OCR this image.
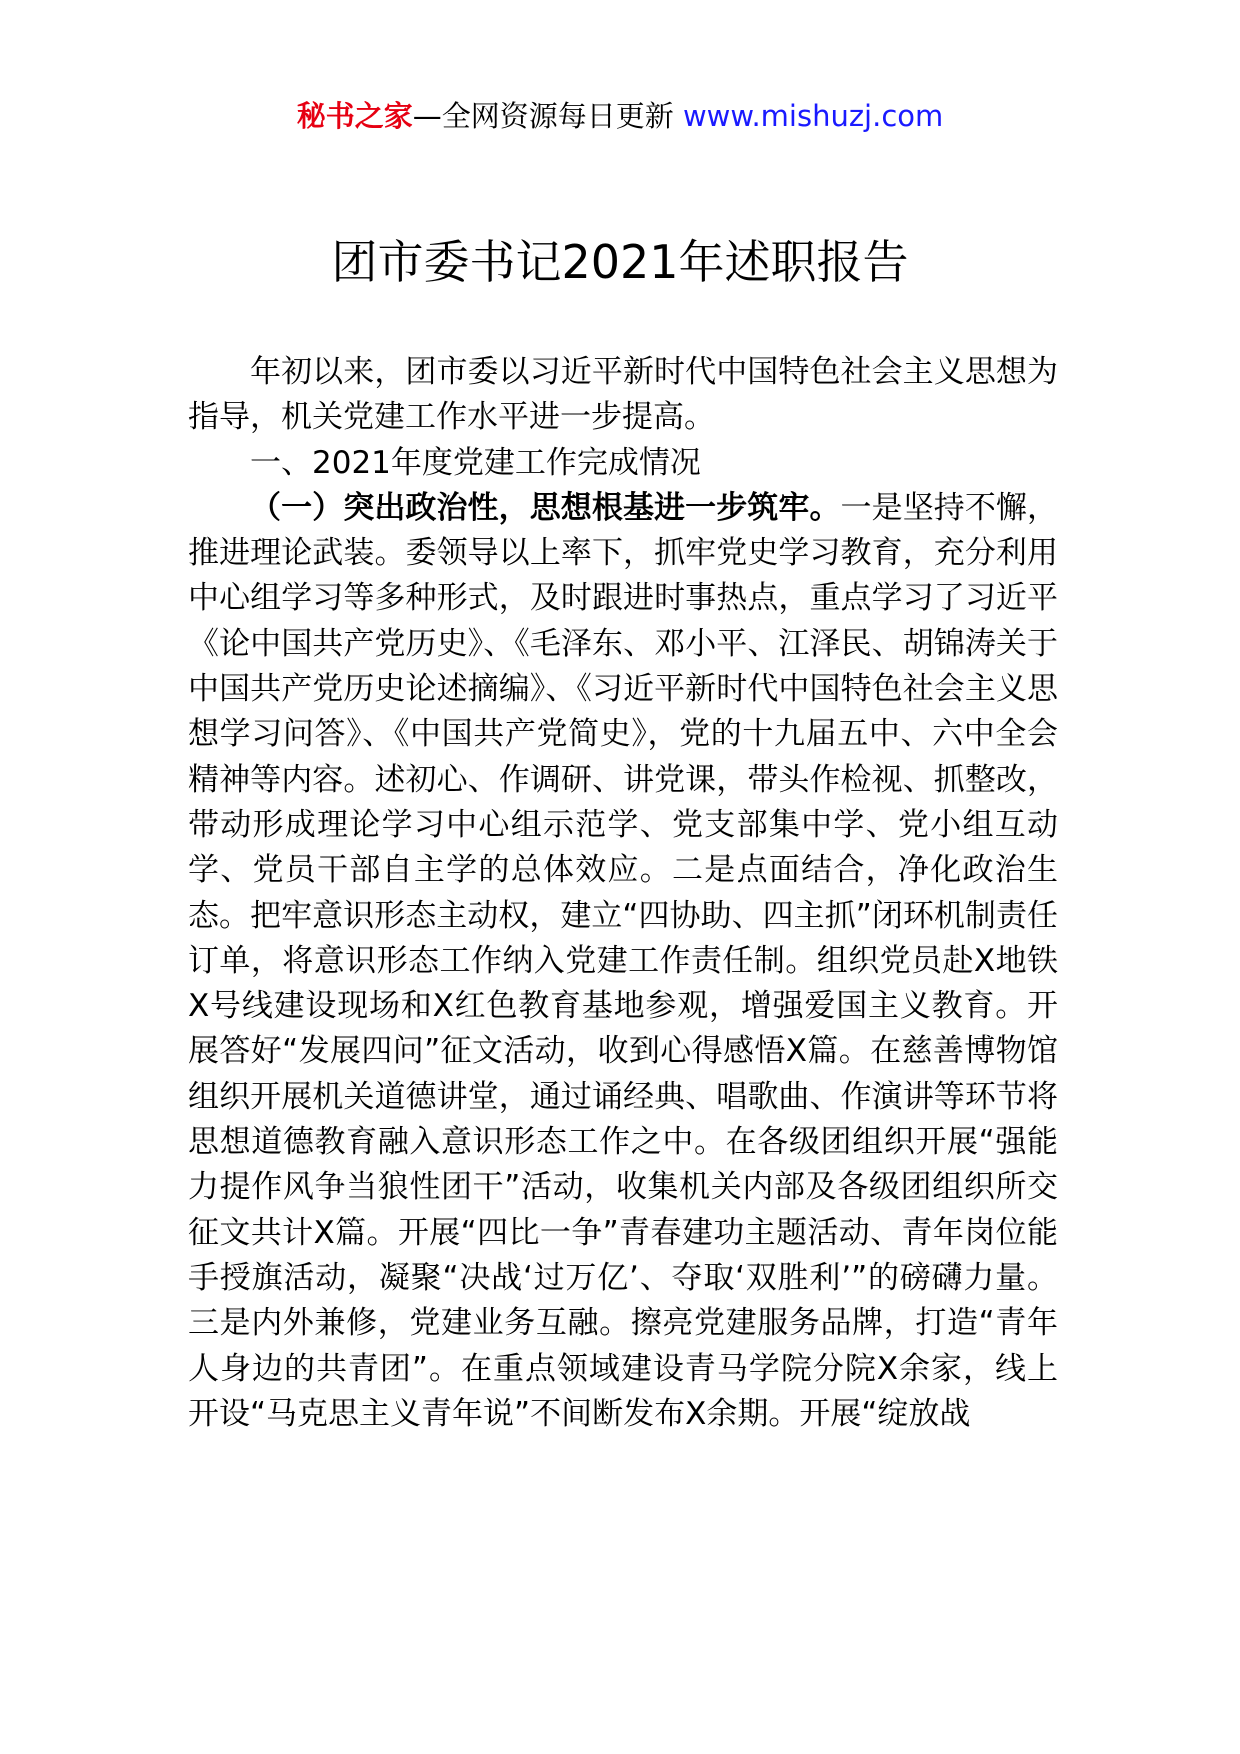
秘书之家—全网资源每日更新 www.mishuzj.com
团市委书记2021年述职报告

年初以来，团市委以习近平新时代中国特色社会主义思想为指导，机关党建工作水平进一步提高。

一、2021年度党建工作完成情况

（一）突出政治性，思想根基进一步筑牢。一是坚持不懈，推进理论武装。委领导以上率下，抓牢党史学习教育，充分利用中心组学习等多种形式，及时跟进时事热点，重点学习了习近平《论中国共产党历史》、《毛泽东、邓小平、江泽民、胡锦涛关于中国共产党历史论述摘编》、《习近平新时代中国特色社会主义思想学习问答》、《中国共产党简史》，党的十九届五中、六中全会精神等内容。述初心、作调研、讲党课，带头作检视、抓整改，带动形成理论学习中心组示范学、党支部集中学、党小组互动学、党员干部自主学的总体效应。二是点面结合，净化政治生态。把牢意识形态主动权，建立“四协助、四主抓”闭环机制责任订单，将意识形态工作纳入党建工作责任制。组织党员赴X地铁X号线建设现场和X红色教育基地参观，增强爱国主义教育。开展答好“发展四问”征文活动，收到心得感悟X篇。在慈善博物馆组织开展机关道德讲堂，通过诵经典、唱歌曲、作演讲等环节将思想道德教育融入意识形态工作之中。在各级团组织开展“强能力提作风争当狼性团干”活动，收集机关内部及各级团组织所交征文共计X篇。开展“四比一争”青春建功主题活动、青年岗位能手授旗活动，凝聚“决战‘过万亿’、夺取‘双胜利’”的磅礴力量。三是内外兼修，党建业务互融。擦亮党建服务品牌，打造“青年人身边的共青团”。在重点领域建设青马学院分院X余家，线上开设“马克思主义青年说”不间断发布X余期。开展“绽放战
